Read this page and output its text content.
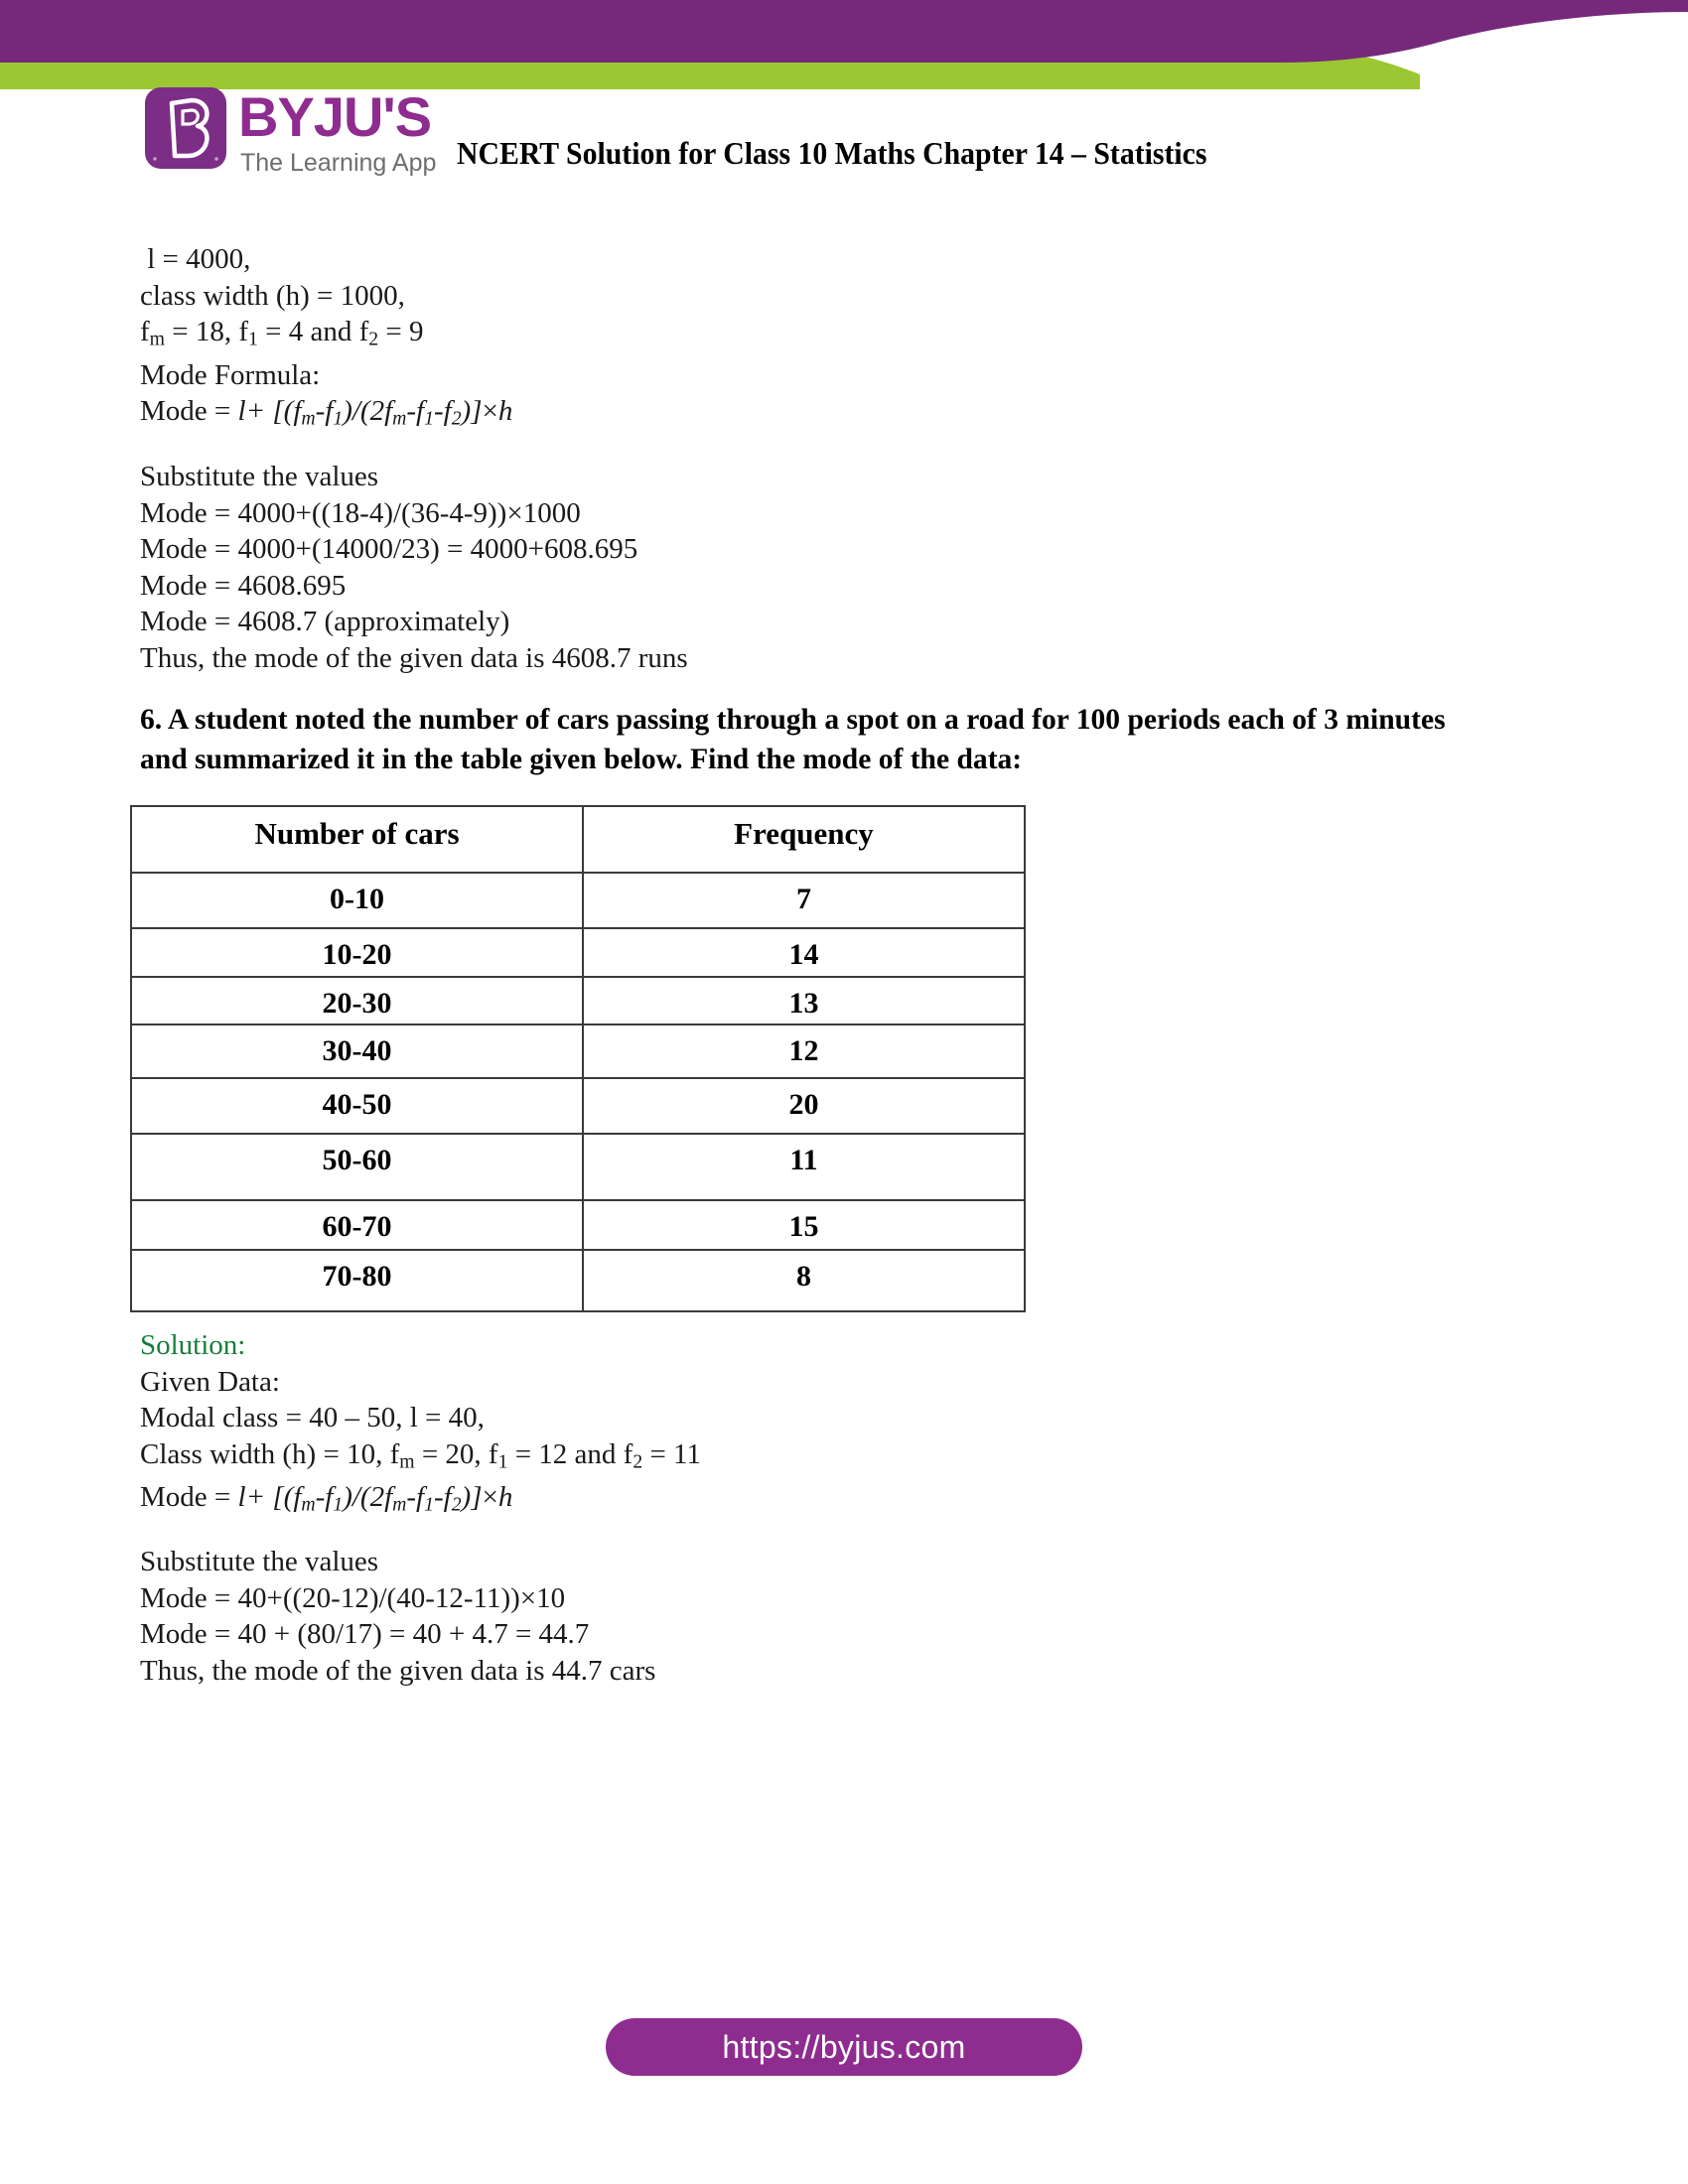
BYJU'S
The Learning App NCERT Solution for Class 10 Maths Chapter 14 – Statistics
l = 4000,
class width (h) = 1000,
$f_m = 18$, $f_1 = 4$ and $f_2 = 9$
Mode Formula:
Mode = $l+ [(f_m-f_1)/(2f_m-f_1-f_2)]\times h$
Substitute the values
Mode = 4000+((18-4)/(36-4-9))×1000
Mode = 4000+(14000/23) = 4000+608.695
Mode = 4608.695
Mode = 4608.7 (approximately)
Thus, the mode of the given data is 4608.7 runs
6. A student noted the number of cars passing through a spot on a road for 100 periods each of 3 minutes
and summarized it in the table given below. Find the mode of the data:
Number of cars	Frequency
0-10	7
10-20	14
20-30	13
30-40	12
40-50	20
50-60	11
60-70	15
70-80	8
Solution:
Given Data:
Modal class = 40 – 50, l = 40,
Class width (h) = 10, $f_m = 20$, $f_1 = 12$ and $f_2 = 11$
Mode = $l+ [(f_m-f_1)/(2f_m-f_1-f_2)]\times h$
Substitute the values
Mode = 40+((20-12)/(40-12-11))×10
Mode = 40 + (80/17) = 40 + 4.7 = 44.7
Thus, the mode of the given data is 44.7 cars
https://byjus.com
